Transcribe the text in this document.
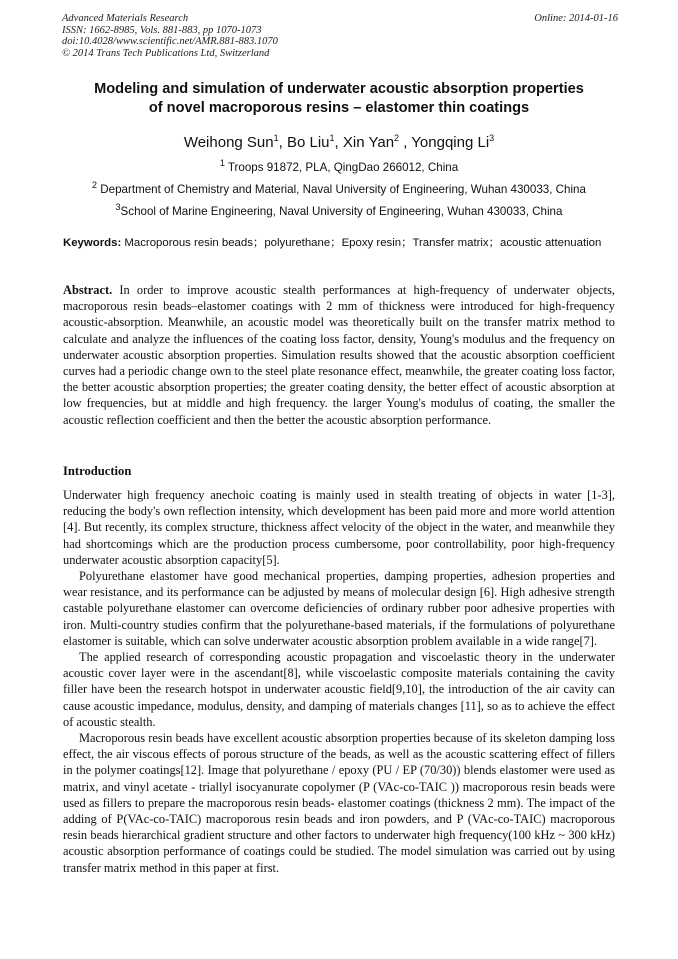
Advanced Materials Research
ISSN: 1662-8985, Vols. 881-883, pp 1070-1073
doi:10.4028/www.scientific.net/AMR.881-883.1070
© 2014 Trans Tech Publications Ltd, Switzerland
Online: 2014-01-16
Modeling and simulation of underwater acoustic absorption properties
of novel macroporous resins – elastomer thin coatings
Weihong Sun$^1$, Bo Liu$^1$, Xin Yan$^2$ , Yongqing Li$^3$
$^1$ Troops 91872, PLA, QingDao 266012, China
$^2$ Department of Chemistry and Material, Naval University of Engineering, Wuhan 430033, China
$^3$School of Marine Engineering, Naval University of Engineering, Wuhan 430033, China
Keywords: Macroporous resin beads；polyurethane；Epoxy resin；Transfer matrix；acoustic attenuation
Abstract. In order to improve acoustic stealth performances at high-frequency of underwater objects, macroporous resin beads–elastomer coatings with 2 mm of thickness were introduced for high-frequency acoustic-absorption. Meanwhile, an acoustic model was theoretically built on the transfer matrix method to calculate and analyze the influences of the coating loss factor, density, Young's modulus and the frequency on underwater acoustic absorption properties. Simulation results showed that the acoustic absorption coefficient curves had a periodic change own to the steel plate resonance effect, meanwhile, the greater coating loss factor, the better acoustic absorption properties; the greater coating density, the better effect of acoustic absorption at low frequencies, but at middle and high frequency. the larger Young's modulus of coating, the smaller the acoustic reflection coefficient and then the better the acoustic absorption performance.
Introduction

Underwater high frequency anechoic coating is mainly used in stealth treating of objects in water [1-3], reducing the body's own reflection intensity, which development has been paid more and more world attention [4]. But recently, its complex structure, thickness affect velocity of the object in the water, and meanwhile they had shortcomings which are the production process cumbersome, poor controllability, poor high-frequency underwater acoustic absorption capacity[5].

Polyurethane elastomer have good mechanical properties, damping properties, adhesion properties and wear resistance, and its performance can be adjusted by means of molecular design [6]. High adhesive strength castable polyurethane elastomer can overcome deficiencies of ordinary rubber poor adhesive properties with iron. Multi-country studies confirm that the polyurethane-based materials, if the formulations of polyurethane elastomer is suitable, which can solve underwater acoustic absorption problem available in a wide range[7].

The applied research of corresponding acoustic propagation and viscoelastic theory in the underwater acoustic cover layer were in the ascendant[8], while viscoelastic composite materials containing the cavity filler have been the research hotspot in underwater acoustic field[9,10], the introduction of the air cavity can cause acoustic impedance, modulus, density, and damping of materials changes [11], so as to achieve the effect of acoustic stealth.

Macroporous resin beads have excellent acoustic absorption properties because of its skeleton damping loss effect, the air viscous effects of porous structure of the beads, as well as the acoustic scattering effect of fillers in the polymer coatings[12]. Image that polyurethane / epoxy (PU / EP (70/30)) blends elastomer were used as matrix, and vinyl acetate - triallyl isocyanurate copolymer (P (VAc-co-TAIC )) macroporous resin beads were used as fillers to prepare the macroporous resin beads- elastomer coatings (thickness 2 mm). The impact of the adding of P(VAc-co-TAIC) macroporous resin beads and iron powders, and P (VAc-co-TAIC) macroporous resin beads hierarchical gradient structure and other factors to underwater high frequency(100 kHz ~ 300 kHz) acoustic absorption performance of coatings could be studied. The model simulation was carried out by using transfer matrix method in this paper at first.
